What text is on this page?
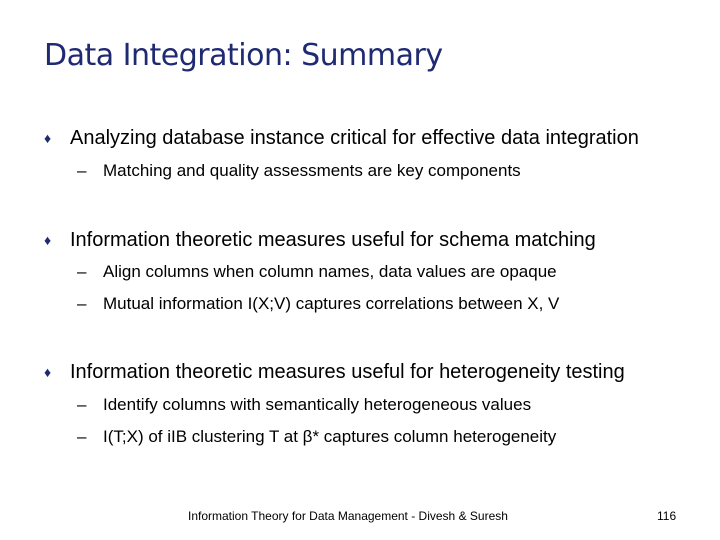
Data Integration: Summary
♦ Analyzing database instance critical for effective data integration
– Matching and quality assessments are key components
♦ Information theoretic measures useful for schema matching
– Align columns when column names, data values are opaque
– Mutual information I(X;V) captures correlations between X, V
♦ Information theoretic measures useful for heterogeneity testing
– Identify columns with semantically heterogeneous values
– I(T;X) of iIB clustering T at β* captures column heterogeneity
Information Theory for Data Management - Divesh & Suresh	116
